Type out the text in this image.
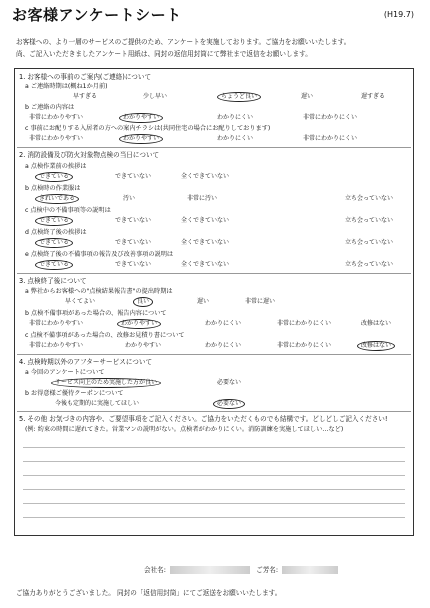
お客様アンケートシート	(H19.7)
お客様への、より一層のサービスのご提供のため、アンケートを実施しております。ご協力をお願いいたします。
尚、ご記入いただきましたアンケート用紙は、同封の返信用封筒にて弊社まで返信をお願いします。
1. お客様への事前のご案内(ご連絡)について
a ご連絡時期は(概ね1か月前)
早すぎる	少し早い	ちょうど良い	遅い	遅すぎる
b ご連絡の内容は
非常にわかりやすい	わかりやすい	わかりにくい	非常にわかりにくい
c 事前にお配りする入居者の方への案内チラシは(共同住宅の場合にお配りしております)
非常にわかりやすい	わかりやすい	わかりにくい	非常にわかりにくい
2. 消防設備及び防火対象物点検の当日について
a 点検作業前の挨拶は
できている	できていない	全くできていない
b 点検時の作業服は
きれいである	汚い	非常に汚い	立ち会っていない
c 点検中の不備事項等の説明は
できている	できていない	全くできていない	立ち会っていない
d 点検終了後の挨拶は
できている	できていない	全くできていない	立ち会っていない
e 点検終了後の不備事項の報告及び改善事項の説明は
できている	できていない	全くできていない	立ち会っていない
3. 点検終了後について
a 弊社からお客様への"点検結果報告書"の提出時期は
早くてよい	良い	遅い	非常に遅い
b 点検不備事項があった場合の、報告内容について
非常にわかりやすい	わかりやすい	わかりにくい	非常にわかりにくい	改修はない
c 点検不備事項があった場合の、改修お見積り書について
非常にわかりやすい	わかりやすい	わかりにくい	非常にわかりにくい	改修はない
4. 点検時期以外のアフターサービスについて
a 今回のアンケートについて
サービス向上のため実施した方が良い	必要ない
b お得意様ご優待クーポンについて
今後も定期的に実施してほしい	必要ない
5. その他 お気づきの内容や、ご要望事項をご記入ください。ご協力をいただくものでも結構です。どしどしご記入ください!
(例: 約束の時間に遅れてきた。営業マンの説明がない。点検者がわかりにくい。消防訓練を実施してほしい…など)
会社名:	ご芳名:
ご協力ありがとうございました。 同封の「返信用封筒」にてご返送をお願いいたします。
